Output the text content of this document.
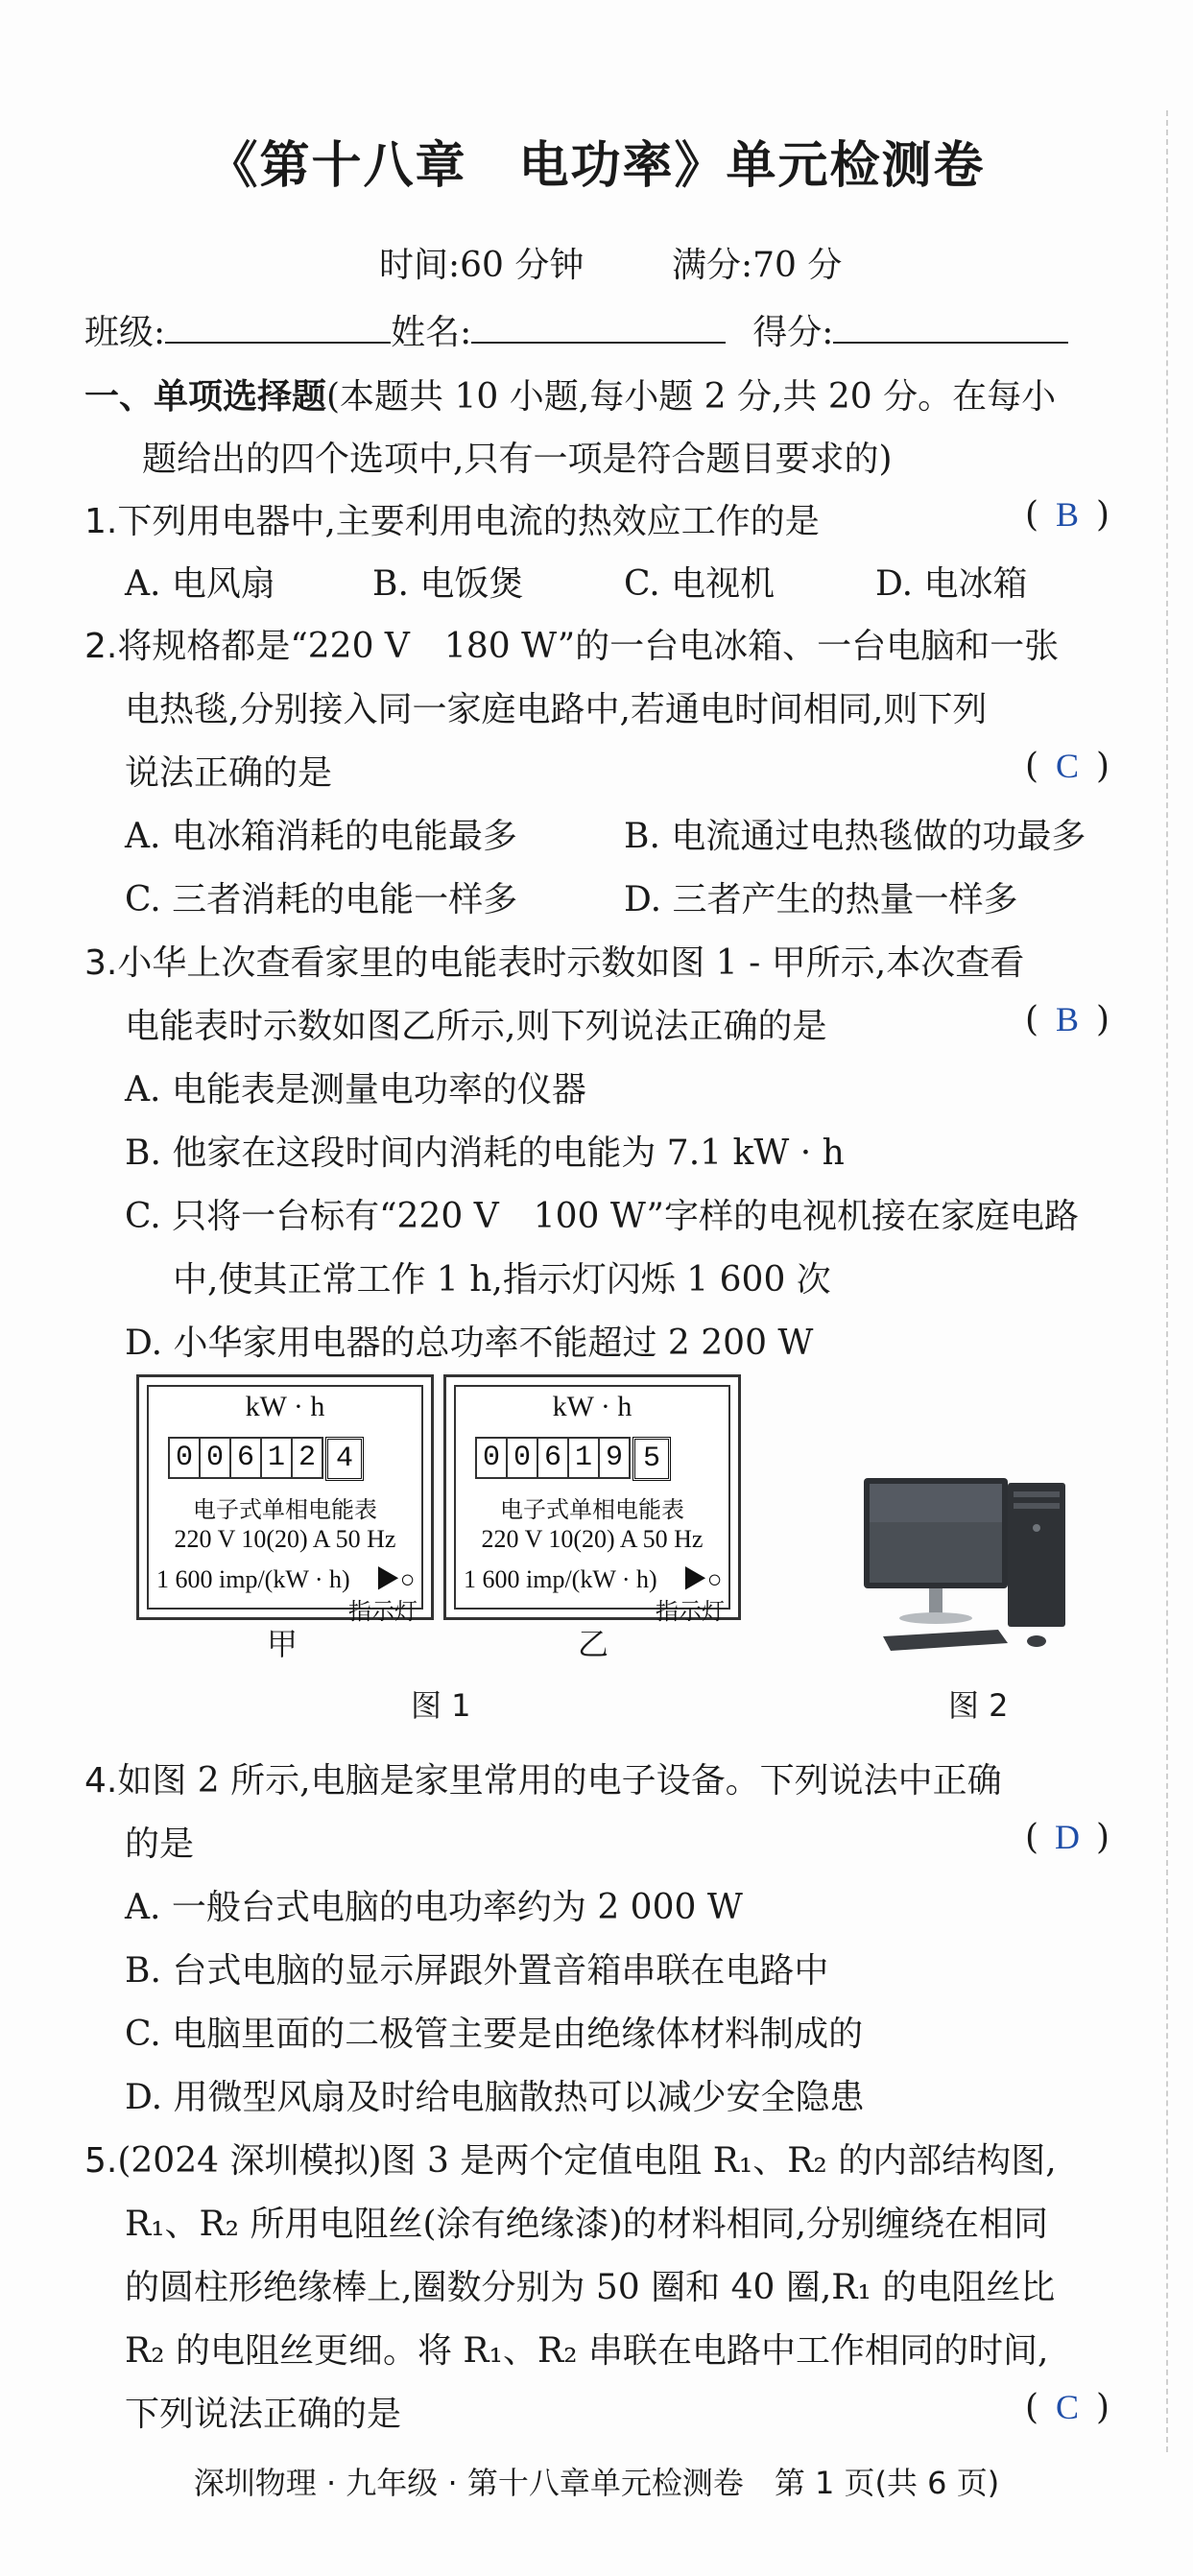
《第十八章　电功率》单元检测卷
时间:60 分钟	满分:70 分
班级:	姓名:	得分:
一、单项选择题(本题共 10 小题,每小题 2 分,共 20 分。在每小
题给出的四个选项中,只有一项是符合题目要求的)
1.下列用电器中,主要利用电流的热效应工作的是	( B )
A. 电风扇	B. 电饭煲	C. 电视机	D. 电冰箱
2.将规格都是“220 V　180 W”的一台电冰箱、一台电脑和一张
电热毯,分别接入同一家庭电路中,若通电时间相同,则下列
说法正确的是	( C )
A. 电冰箱消耗的电能最多	B. 电流通过电热毯做的功最多
C. 三者消耗的电能一样多	D. 三者产生的热量一样多
3.小华上次查看家里的电能表时示数如图 1 - 甲所示,本次查看
电能表时示数如图乙所示,则下列说法正确的是	( B )
A. 电能表是测量电功率的仪器
B. 他家在这段时间内消耗的电能为 7.1 kW · h
C. 只将一台标有“220 V　100 W”字样的电视机接在家庭电路
中,使其正常工作 1 h,指示灯闪烁 1 600 次
D. 小华家用电器的总功率不能超过 2 200 W
kW · h
0 0 6 1 2 4
电子式单相电能表
220 V 10(20) A 50 Hz
1 600 imp/(kW · h)　▶○
指示灯
甲
kW · h
0 0 6 1 9 5
电子式单相电能表
220 V 10(20) A 50 Hz
1 600 imp/(kW · h)　▶○
指示灯
乙
图 1	图 2
4.如图 2 所示,电脑是家里常用的电子设备。下列说法中正确
的是	( D )
A. 一般台式电脑的电功率约为 2 000 W
B. 台式电脑的显示屏跟外置音箱串联在电路中
C. 电脑里面的二极管主要是由绝缘体材料制成的
D. 用微型风扇及时给电脑散热可以减少安全隐患
5.(2024 深圳模拟)图 3 是两个定值电阻 R₁、R₂ 的内部结构图,
R₁、R₂ 所用电阻丝(涂有绝缘漆)的材料相同,分别缠绕在相同
的圆柱形绝缘棒上,圈数分别为 50 圈和 40 圈,R₁ 的电阻丝比
R₂ 的电阻丝更细。将 R₁、R₂ 串联在电路中工作相同的时间,
下列说法正确的是	( C )
深圳物理 · 九年级 · 第十八章单元检测卷　第 1 页(共 6 页)
